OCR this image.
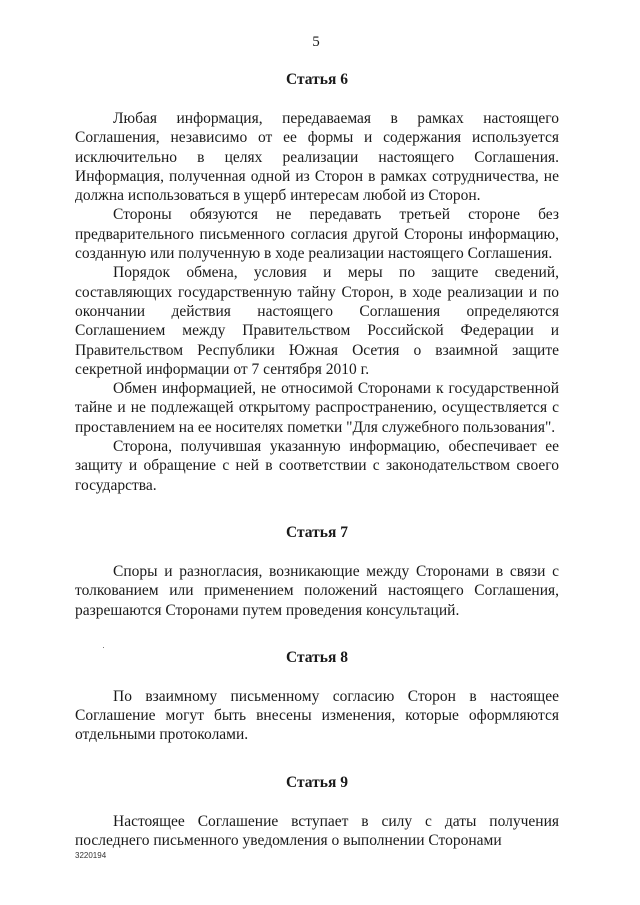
5
Статья 6

Любая информация, передаваемая в рамках настоящего Соглашения, независимо от ее формы и содержания используется исключительно в целях реализации настоящего Соглашения. Информация, полученная одной из Сторон в рамках сотрудничества, не должна использоваться в ущерб интересам любой из Сторон.

Стороны обязуются не передавать третьей стороне без предварительного письменного согласия другой Стороны информацию, созданную или полученную в ходе реализации настоящего Соглашения.

Порядок обмена, условия и меры по защите сведений, составляющих государственную тайну Сторон, в ходе реализации и по окончании действия настоящего Соглашения определяются Соглашением между Правительством Российской Федерации и Правительством Республики Южная Осетия о взаимной защите секретной информации от 7 сентября 2010 г.

Обмен информацией, не относимой Сторонами к государственной тайне и не подлежащей открытому распространению, осуществляется с проставлением на ее носителях пометки "Для служебного пользования".

Сторона, получившая указанную информацию, обеспечивает ее защиту и обращение с ней в соответствии с законодательством своего государства.

Статья 7

Споры и разногласия, возникающие между Сторонами в связи с толкованием или применением положений настоящего Соглашения, разрешаются Сторонами путем проведения консультаций.

Статья 8

По взаимному письменному согласию Сторон в настоящее Соглашение могут быть внесены изменения, которые оформляются отдельными протоколами.

Статья 9

Настоящее Соглашение вступает в силу с даты получения последнего письменного уведомления о выполнении Сторонами

3220194
